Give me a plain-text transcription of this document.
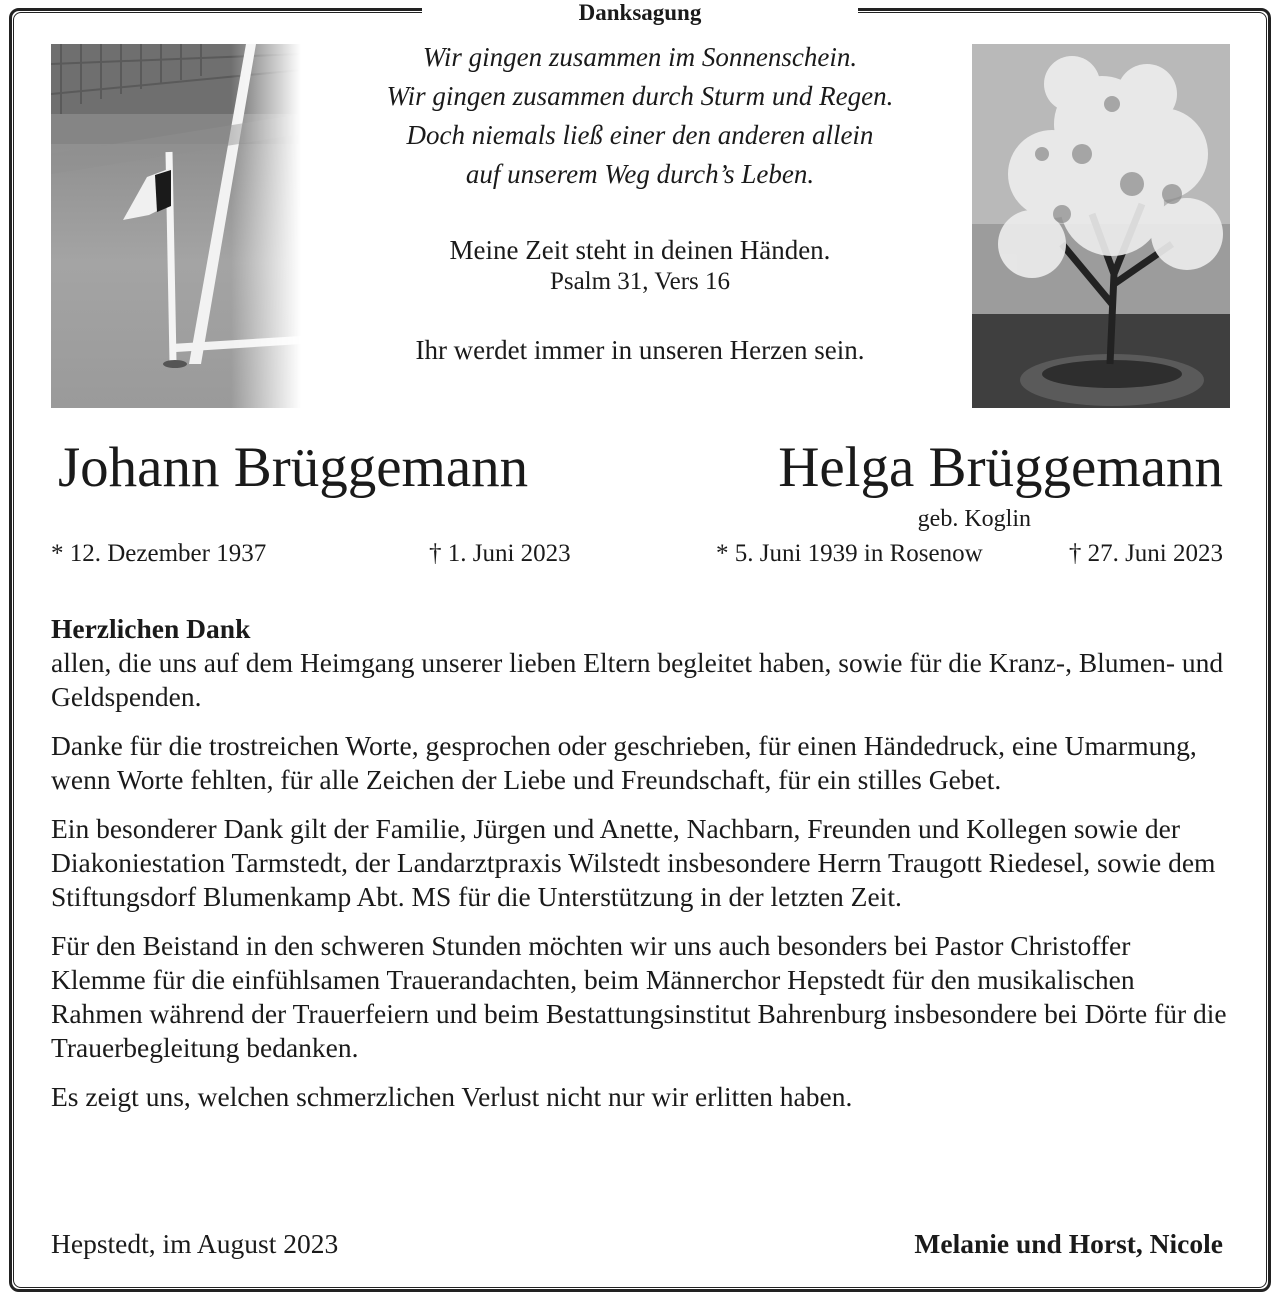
Danksagung
Wir gingen zusammen im Sonnenschein.
Wir gingen zusammen durch Sturm und Regen.
Doch niemals ließ einer den anderen allein
auf unserem Weg durch’s Leben.
Meine Zeit steht in deinen Händen.
Psalm 31, Vers 16
Ihr werdet immer in unseren Herzen sein.
Johann Brüggemann	Helga Brüggemann
geb. Koglin
* 12. Dezember 1937	† 1. Juni 2023	* 5. Juni 1939 in Rosenow	† 27. Juni 2023
Herzlichen Dank

allen, die uns auf dem Heimgang unserer lieben Eltern begleitet haben, sowie für die Kranz-, Blumen- und Geldspenden.

Danke für die trostreichen Worte, gesprochen oder geschrieben, für einen Händedruck, eine Umarmung, wenn Worte fehlten, für alle Zeichen der Liebe und Freundschaft, für ein stilles Gebet.

Ein besonderer Dank gilt der Familie, Jürgen und Anette, Nachbarn, Freunden und Kollegen sowie der Diakoniestation Tarmstedt, der Landarztpraxis Wilstedt insbesondere Herrn Traugott Riedesel, sowie dem Stiftungsdorf Blumenkamp Abt. MS für die Unterstützung in der letzten Zeit.

Für den Beistand in den schweren Stunden möchten wir uns auch besonders bei Pastor Christoffer Klemme für die einfühlsamen Trauerandachten, beim Männerchor Hepstedt für den musikalischen Rahmen während der Trauerfeiern und beim Bestattungsinstitut Bahrenburg insbesondere bei Dörte für die Trauerbegleitung bedanken.

Es zeigt uns, welchen schmerzlichen Verlust nicht nur wir erlitten haben.

Hepstedt, im August 2023	Melanie und Horst, Nicole
